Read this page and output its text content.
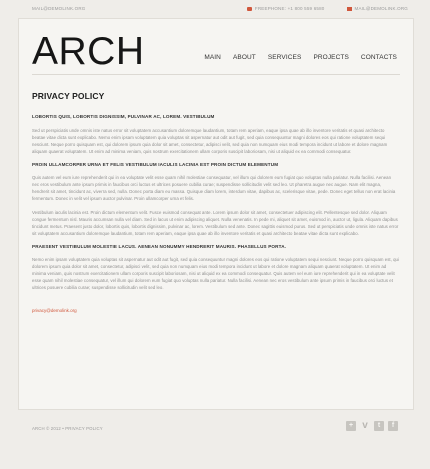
MAIL@DEMOLINK.ORG	FREEPHONE: +1 800 559 6580	MAIL@DEMOLINK.ORG
ARCH	MAIN ABOUT SERVICES PROJECTS CONTACTS
PRIVACY POLICY
LOBORTIS QUIS, LOBORTIS DIGNISSIM, PULVINAR AC, LOREM. VESTIBULUM

Sed ut perspiciatis unde omnis iste natus error sit voluptatem accusantium doloremque laudantium, totam rem aperiam, eaque ipsa quae ab illo inventore veritatis et quasi architecto beatae vitae dicta sunt explicabo. Nemo enim ipsam voluptatem quia voluptas sit aspernatur aut odit aut fugit, sed quia consequuntur magni dolores eos qui ratione voluptatem sequi nesciunt. Neque porro quisquam est, qui dolorem ipsum quia dolor sit amet, consectetur, adipisci velit, sed quia non numquam eius modi tempora incidunt ut labore et dolore magnam aliquam quaerat voluptatem. Ut enim ad minima veniam, quis nostrum exercitationem ullam corporis suscipit laboriosam, nisi ut aliquid ex ea commodi consequatur.

PROIN ULLAMCORPER URNA ET FELIS VESTIBULUM IACULIS LACINIA EST PROIN DICTUM ELEMENTUM

Quis autem vel eum iure reprehenderit qui in ea voluptate velit esse quam nihil molestiae consequatur, vel illum qui dolorem eum fugiat quo voluptas nulla pariatur. Nulla facilisi. Aenean nec eros vestibulum ante ipsum primis in faucibus orci luctus et ultrices posuere cubilia curae; suspendisse sollicitudin velit sed leo. Ut pharetra augue nec augue. Nam elit magna, hendrerit sit amet, tincidunt ac, viverra sed, nulla. Donec porta diam eu massa. Quisque diam lorem, interdum vitae, dapibus ac, scelerisque vitae, pede. Donec eget tellus non erat lacinia fermentum. Donec in velit vel ipsum auctor pulvinar. Proin ullamcorper urna et felis.

Vestibulum iaculis lacinia est. Proin dictum elementum velit. Fusce euismod consequat ante. Lorem ipsum dolor sit amet, consectetuer adipiscing elit. Pellentesque sed dolor. Aliquam congue fermentum nisl. Mauris accumsan nulla vel diam. Sed in lacus ut enim adipiscing aliquet. Nulla venenatis. In pede mi, aliquet sit amet, euismod in, auctor ut, ligula. Aliquam dapibus tincidunt metus. Praesent justo dolor, lobortis quis, lobortis dignissim, pulvinar ac, lorem. Vestibulum sed ante. Donec sagittis euismod purus. Sed ut perspiciatis unde omnis iste natus error sit voluptatem accusantium doloremque laudantium, totam rem aperiam, eaque ipsa quae ab illo inventore veritatis et quasi architecto beatae vitae dicta sunt explicabo.

PRAESENT VESTIBULUM MOLESTIE LACUS. AENEAN NONUMMY HENDRERIT MAURIS. PHASELLUS PORTA.

Nemo enim ipsam voluptatem quia voluptas sit aspernatur aut odit aut fugit, sed quia consequuntur magni dolores eos qui ratione voluptatem sequi nesciunt. Neque porro quisquam est, qui dolorem ipsum quia dolor sit amet, consectetur, adipisci velit, sed quia non numquam eius modi tempora incidunt ut labore et dolore magnam aliquam quaerat voluptatem. Ut enim ad minima veniam, quis nostrum exercitationem ullam corporis suscipit laboriosam, nisi ut aliquid ex ea commodi consequatur. Quis autem vel eum iure reprehenderit qui in ea voluptate velit esse quam nihil molestiae consequatur, vel illum qui dolorem eum fugiat quo voluptas nulla pariatur. Nulla facilisi. Aenean nec eros vestibulum ante ipsum primis in faucibus orci luctus et ultrices posuere cubilia curae; suspendisse sollicitudin velit sed leo.

privacy@demolink.org
ARCH © 2012 • PRIVACY POLICY	+ v	t	f
